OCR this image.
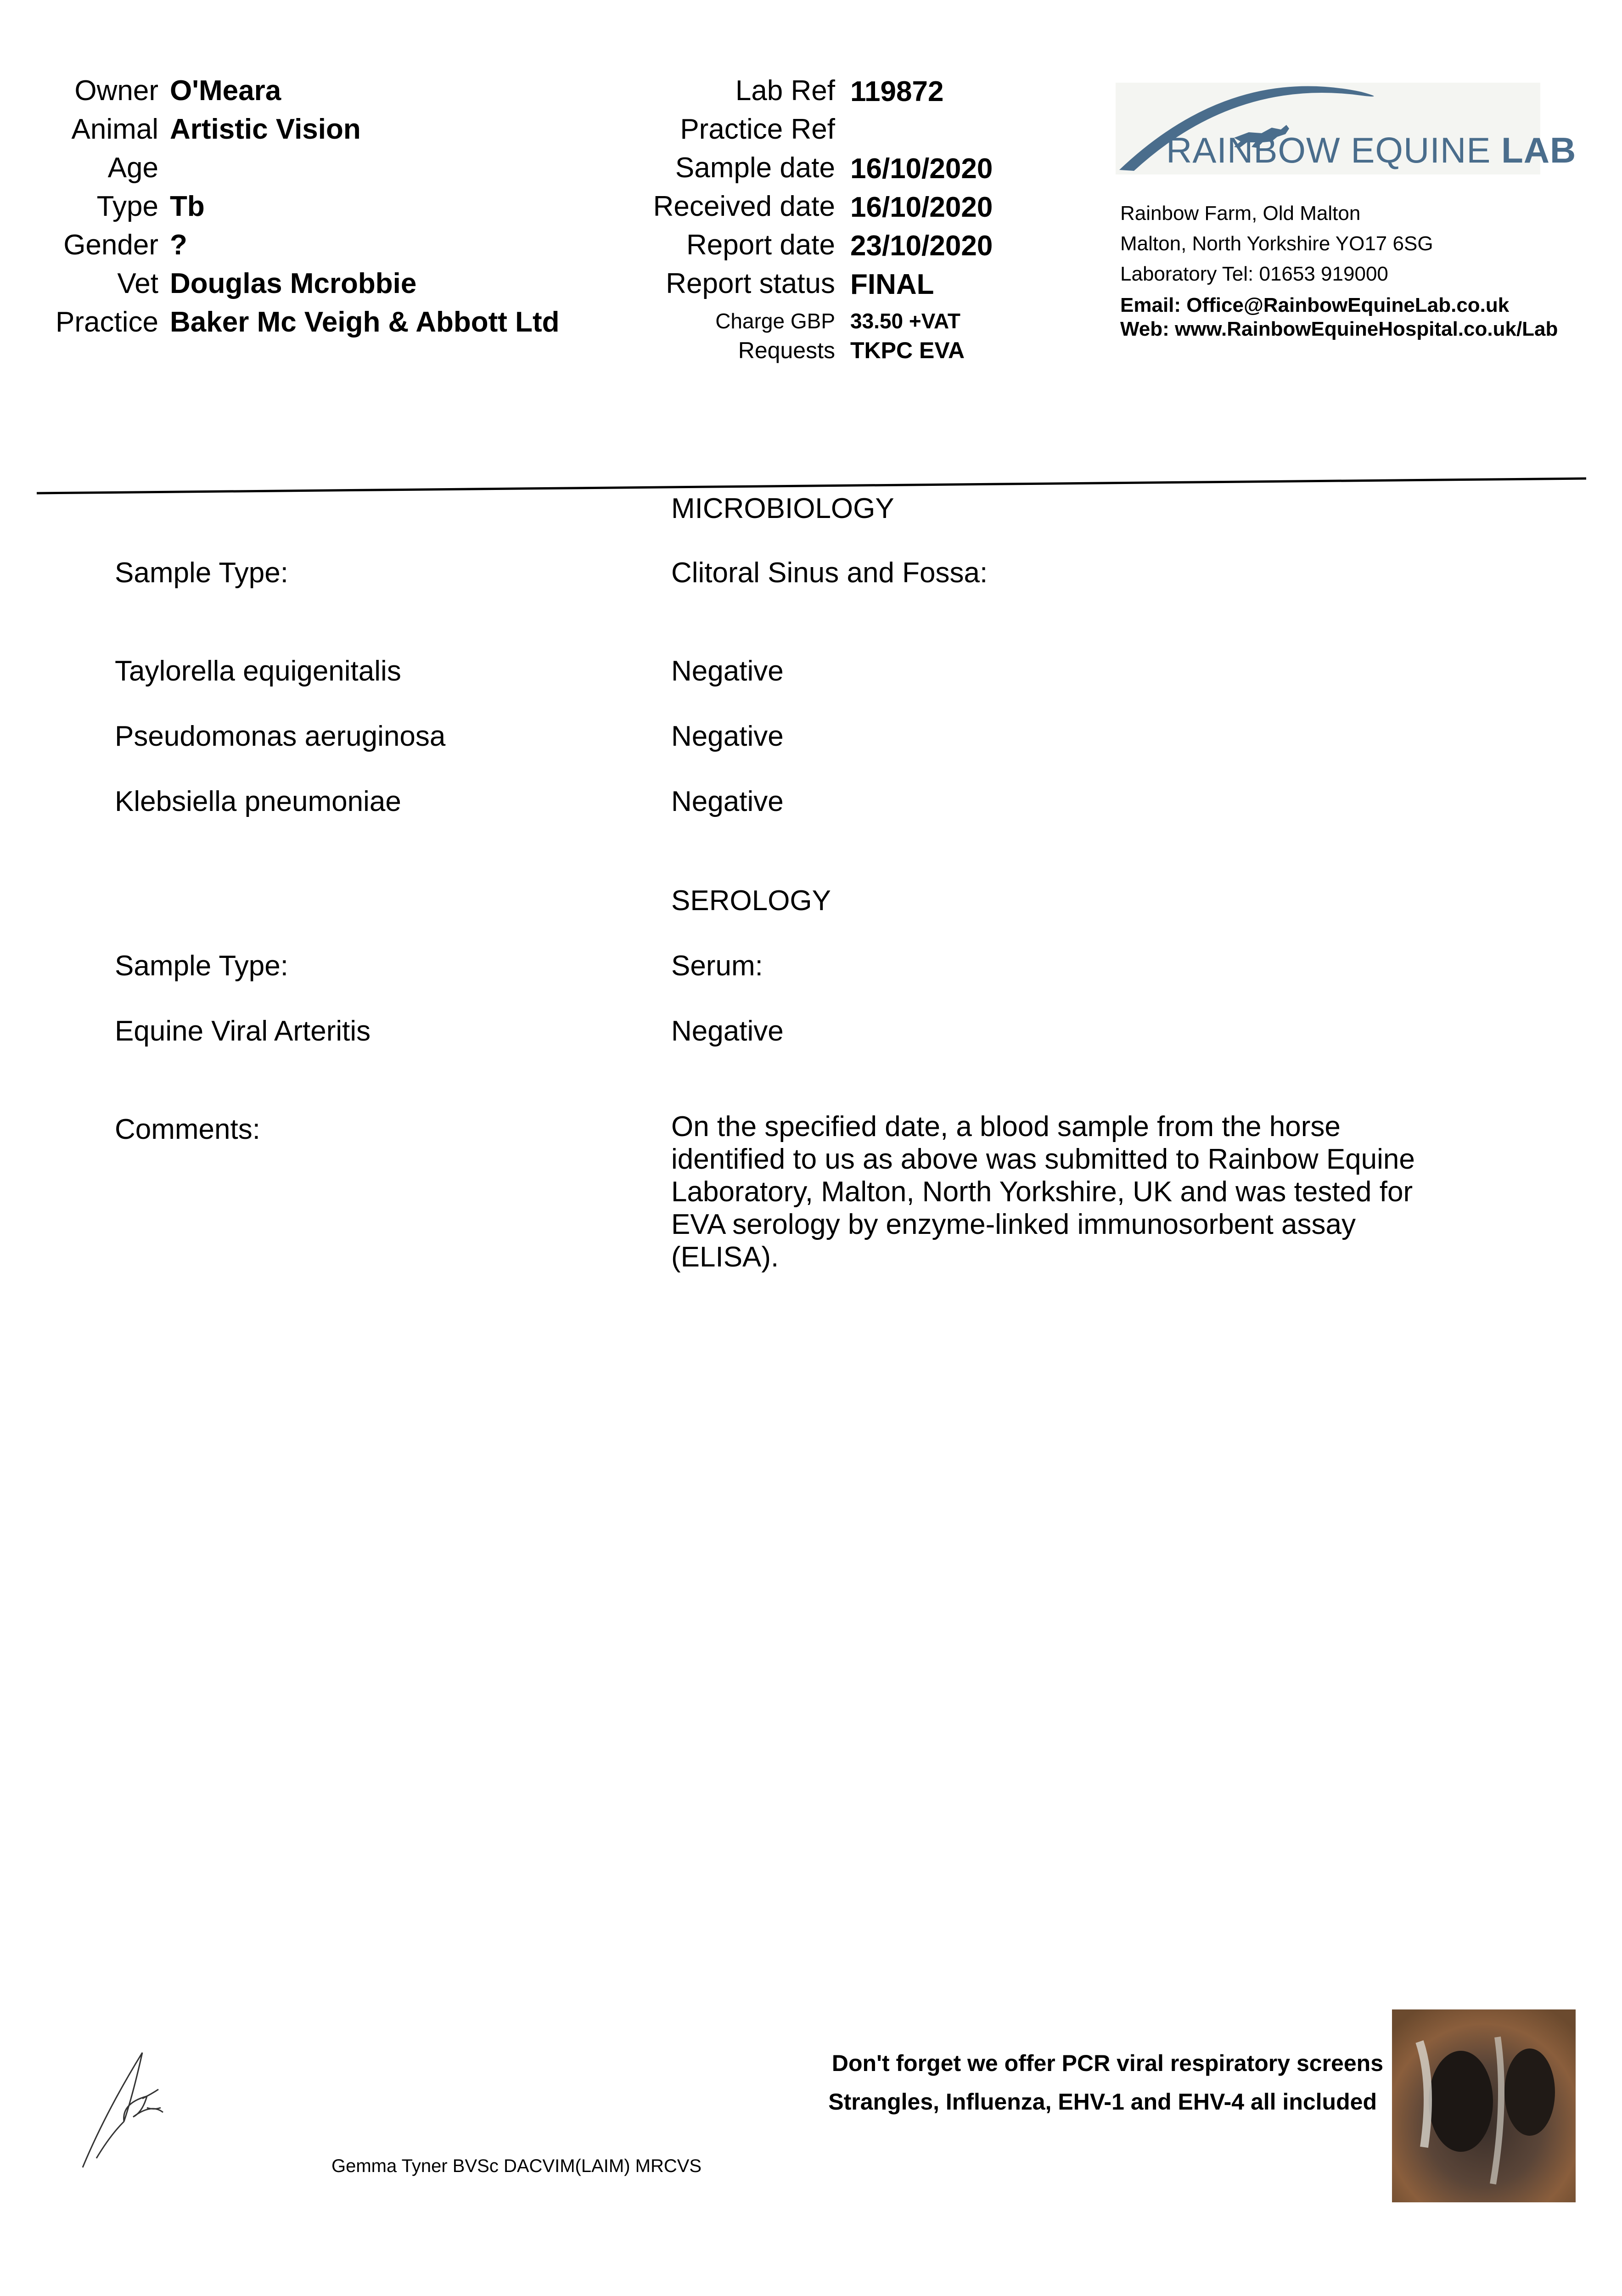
Owner O'Meara
Animal Artistic Vision
Age
Type Tb
Gender ?
Vet Douglas Mcrobbie
Practice Baker Mc Veigh & Abbott Ltd
Lab Ref 119872
Practice Ref
Sample date 16/10/2020
Received date 16/10/2020
Report date 23/10/2020
Report status FINAL
Charge GBP 33.50 +VAT
Requests TKPC EVA
RAINBOW EQUINE LAB
Rainbow Farm, Old Malton
Malton, North Yorkshire YO17 6SG
Laboratory Tel: 01653 919000
Email: Office@RainbowEquineLab.co.uk
Web: www.RainbowEquineHospital.co.uk/Lab
MICROBIOLOGY
Sample Type:	Clitoral Sinus and Fossa:
Taylorella equigenitalis	Negative
Pseudomonas aeruginosa	Negative
Klebsiella pneumoniae	Negative
SEROLOGY
Sample Type:	Serum:
Equine Viral Arteritis	Negative
Comments:	On the specified date, a blood sample from the horse identified to us as above was submitted to Rainbow Equine Laboratory, Malton, North Yorkshire, UK and was tested for EVA serology by enzyme-linked immunosorbent assay (ELISA).
Gemma Tyner BVSc DACVIM(LAIM) MRCVS
Don't forget we offer PCR viral respiratory screens
Strangles, Influenza, EHV-1 and EHV-4 all included
